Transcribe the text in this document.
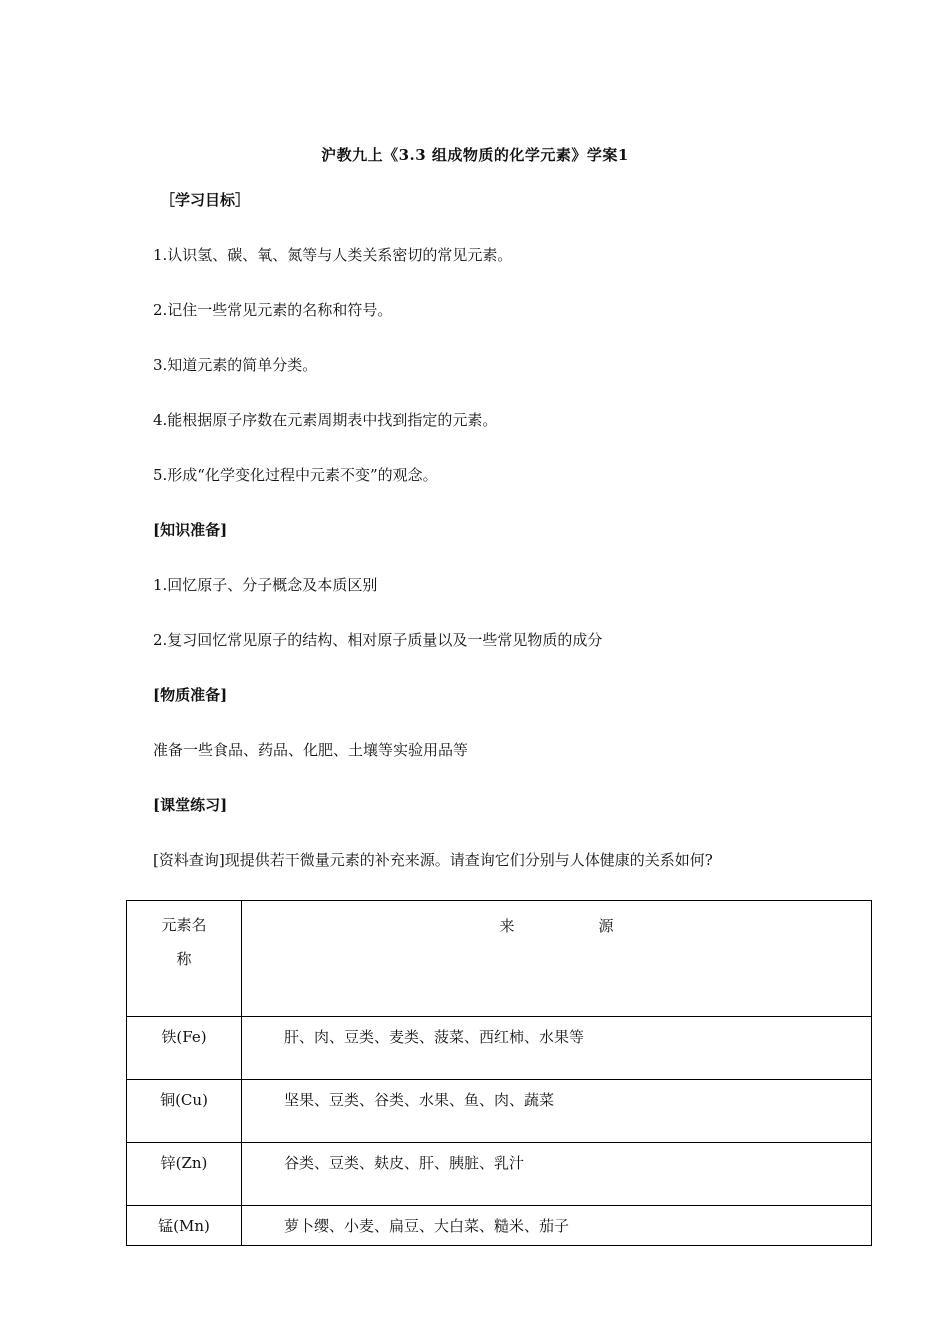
沪教九上《3.3 组成物质的化学元素》学案1
［学习目标］
1.认识氢、碳、氧、氮等与人类关系密切的常见元素。
2.记住一些常见元素的名称和符号。
3.知道元素的简单分类。
4.能根据原子序数在元素周期表中找到指定的元素。
5.形成“化学变化过程中元素不变”的观念。
[知识准备]
1.回忆原子、分子概念及本质区别
2.复习回忆常见原子的结构、相对原子质量以及一些常见物质的成分
[物质准备]
准备一些食品、药品、化肥、土壤等实验用品等
[课堂练习]
[资料查询]现提供若干微量元素的补充来源。请查询它们分别与人体健康的关系如何?
元素名
称	来 源
铁(Fe)	肝、肉、豆类、麦类、菠菜、西红柿、水果等
铜(Cu)	坚果、豆类、谷类、水果、鱼、肉、蔬菜
锌(Zn)	谷类、豆类、麸皮、肝、胰脏、乳汁
锰(Mn)	萝卜缨、小麦、扁豆、大白菜、糙米、茄子
